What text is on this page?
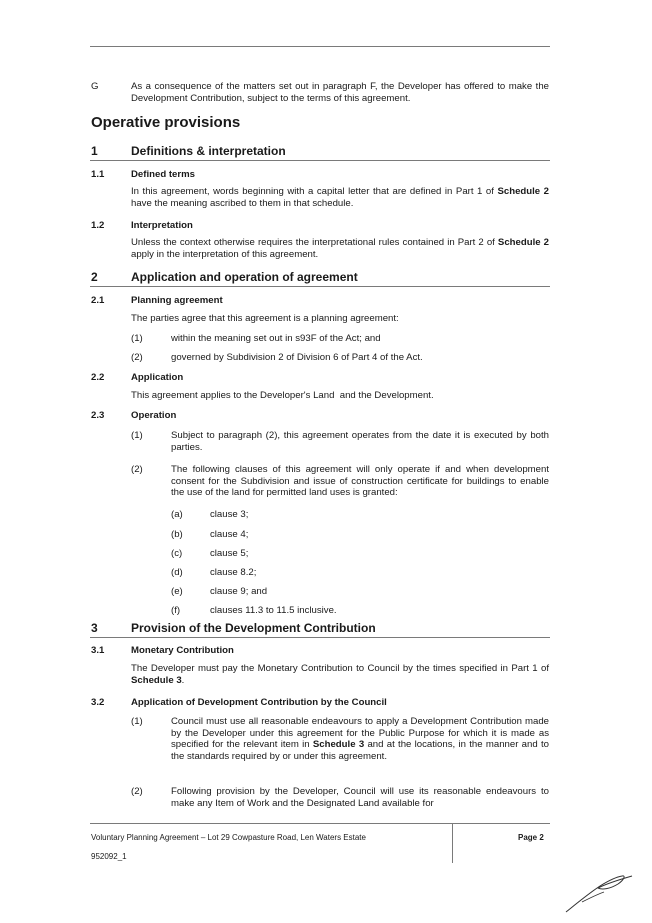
G	As a consequence of the matters set out in paragraph F, the Developer has offered to make the Development Contribution, subject to the terms of this agreement.
Operative provisions
1	Definitions & interpretation
1.1	Defined terms
In this agreement, words beginning with a capital letter that are defined in Part 1 of Schedule 2 have the meaning ascribed to them in that schedule.
1.2	Interpretation
Unless the context otherwise requires the interpretational rules contained in Part 2 of Schedule 2 apply in the interpretation of this agreement.
2	Application and operation of agreement
2.1	Planning agreement
The parties agree that this agreement is a planning agreement:
(1)	within the meaning set out in s93F of the Act; and
(2)	governed by Subdivision 2 of Division 6 of Part 4 of the Act.
2.2	Application
This agreement applies to the Developer's Land  and the Development.
2.3	Operation
(1)	Subject to paragraph (2), this agreement operates from the date it is executed by both parties.
(2)	The following clauses of this agreement will only operate if and when development consent for the Subdivision and issue of construction certificate for buildings to enable the use of the land for permitted land uses is granted:
(a)	clause 3;
(b)	clause 4;
(c)	clause 5;
(d)	clause 8.2;
(e)	clause 9; and
(f)	clauses 11.3 to 11.5 inclusive.
3	Provision of the Development Contribution
3.1	Monetary Contribution
The Developer must pay the Monetary Contribution to Council by the times specified in Part 1 of Schedule 3.
3.2	Application of Development Contribution by the Council
(1)	Council must use all reasonable endeavours to apply a Development Contribution made by the Developer under this agreement for the Public Purpose for which it is made as specified for the relevant item in Schedule 3 and at the locations, in the manner and to the standards required by or under this agreement.
(2)	Following provision by the Developer, Council will use its reasonable endeavours to make any Item of Work and the Designated Land available for
Voluntary Planning Agreement – Lot 29 Cowpasture Road, Len Waters Estate
952092_1
Page 2
